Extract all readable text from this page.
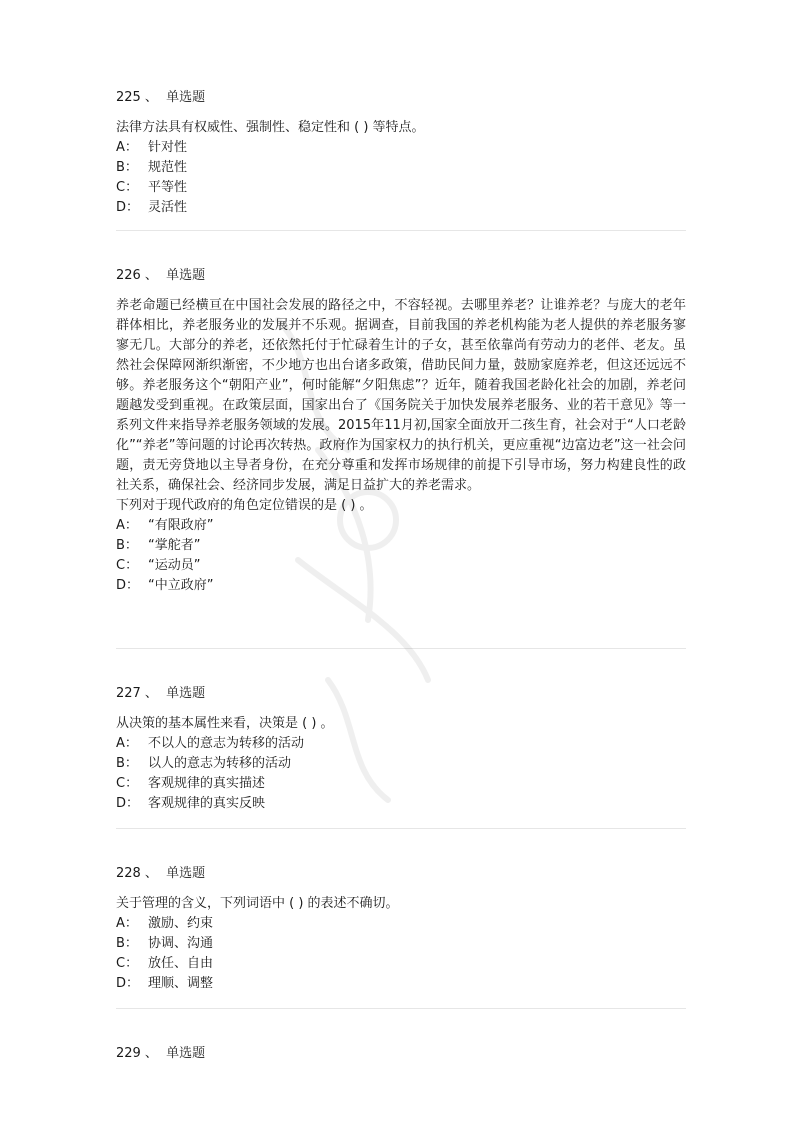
225 、 单选题
法律方法具有权威性、强制性、稳定性和 ( ) 等特点。
A： 针对性
B： 规范性
C： 平等性
D： 灵活性
226 、 单选题
养老命题已经横亘在中国社会发展的路径之中，不容轻视。去哪里养老？让谁养老？与庞大的老年群体相比，养老服务业的发展并不乐观。据调查，目前我国的养老机构能为老人提供的养老服务寥寥无几。大部分的养老，还依然托付于忙碌着生计的子女，甚至依靠尚有劳动力的老伴、老友。虽然社会保障网渐织渐密，不少地方也出台诸多政策，借助民间力量，鼓励家庭养老，但这还远远不够。养老服务这个“朝阳产业”，何时能解“夕阳焦虑”？近年，随着我国老龄化社会的加剧，养老问题越发受到重视。在政策层面，国家出台了《国务院关于加快发展养老服务、业的若干意见》等一系列文件来指导养老服务领域的发展。2015年11月初,国家全面放开二孩生育，社会对于“人口老龄化”“养老”等问题的讨论再次转热。政府作为国家权力的执行机关，更应重视“边富边老”这一社会问题，责无旁贷地以主导者身份，在充分尊重和发挥市场规律的前提下引导市场，努力构建良性的政社关系，确保社会、经济同步发展，满足日益扩大的养老需求。
下列对于现代政府的角色定位错误的是 ( ) 。
A： “有限政府”
B： “掌舵者”
C： “运动员”
D： “中立政府”
227 、 单选题
从决策的基本属性来看，决策是 ( ) 。
A： 不以人的意志为转移的活动
B： 以人的意志为转移的活动
C： 客观规律的真实描述
D： 客观规律的真实反映
228 、 单选题
关于管理的含义，下列词语中 ( ) 的表述不确切。
A： 激励、约束
B： 协调、沟通
C： 放任、自由
D： 理顺、调整
229 、 单选题
